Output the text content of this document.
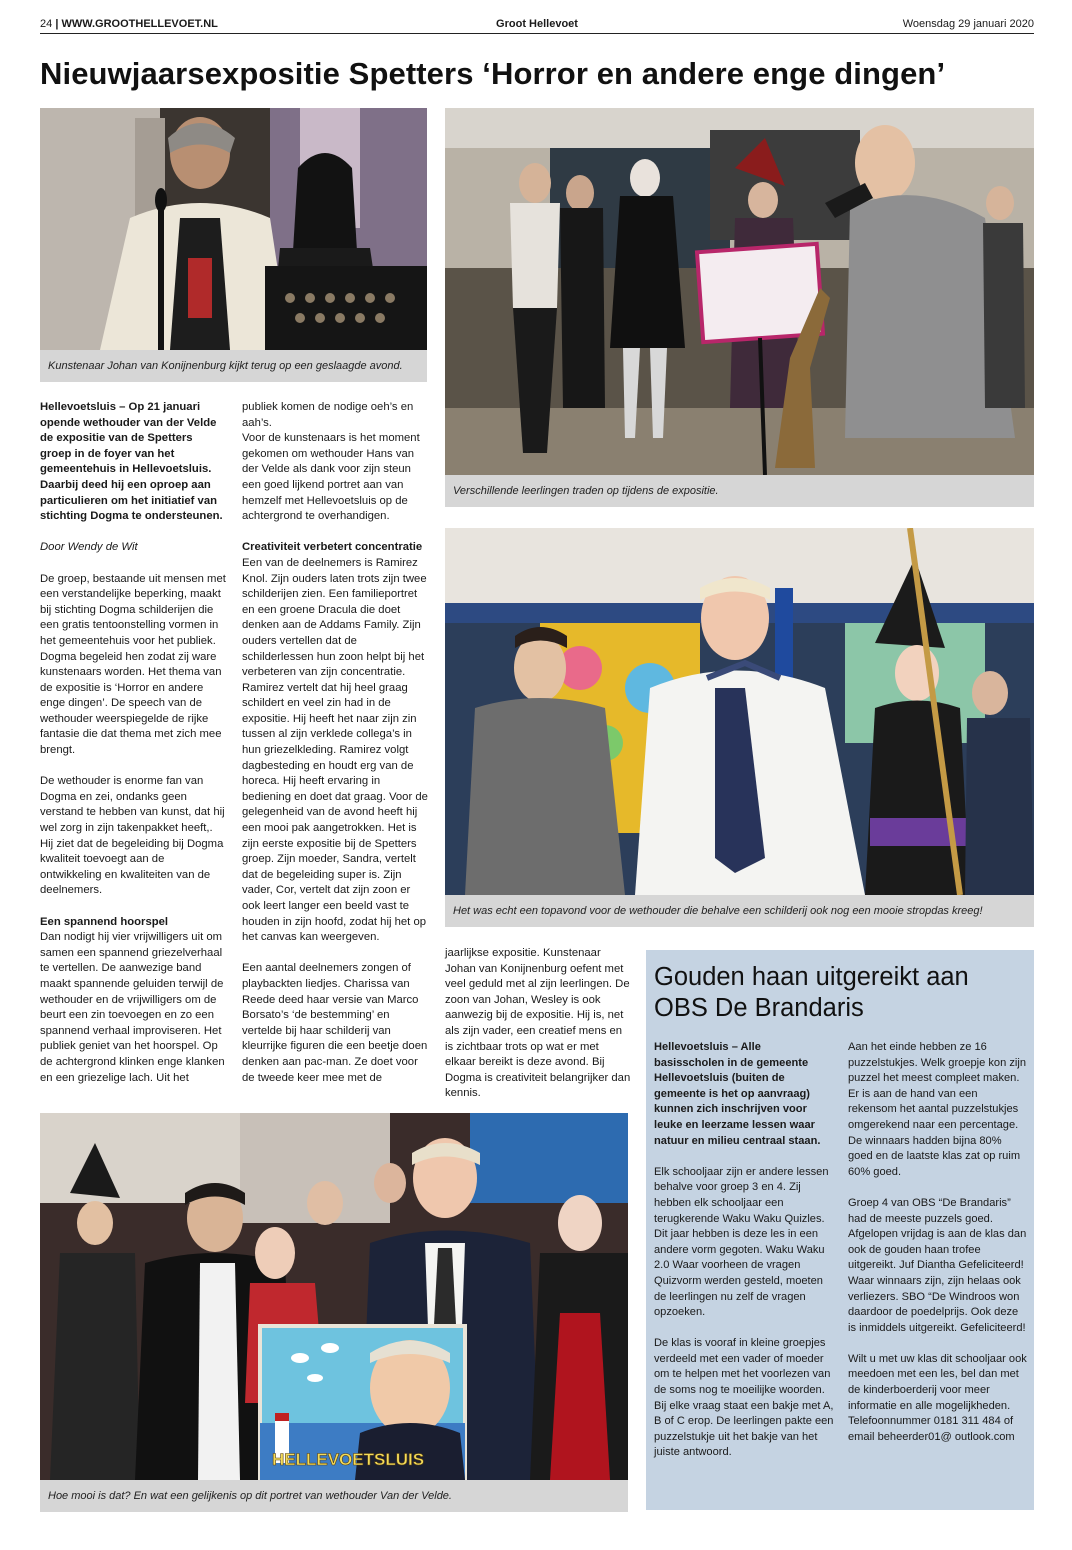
24 | WWW.GROOTHELLEVOET.NL	Groot Hellevoet	Woensdag 29 januari 2020
Nieuwjaarsexpositie Spetters ‘Horror en andere enge dingen’
Kunstenaar Johan van Konijnenburg kijkt terug op een geslaagde avond.
Verschillende leerlingen traden op tijdens de expositie.
Het was echt een topavond voor de wethouder die behalve een schilderij ook nog een mooie stropdas kreeg!
HELLEVOETSLUIS
Hoe mooi is dat? En wat een gelijkenis op dit portret van wethouder Van der Velde.

Hellevoetsluis – Op 21 januari opende wethouder van der Velde de expositie van de Spetters groep in de foyer van het gemeentehuis in Hellevoetsluis. Daarbij deed hij een oproep aan particulieren om het initiatief van stichting Dogma te ondersteunen.

Door Wendy de Wit

De groep, bestaande uit mensen met een verstandelijke beperking, maakt bij stichting Dogma schilderijen die een gratis tentoonstelling vormen in het gemeentehuis voor het publiek. Dogma begeleid hen zodat zij ware kunstenaars worden. Het thema van de expositie is ‘Horror en andere enge dingen’. De speech van de wethouder weerspiegelde de rijke fantasie die dat thema met zich mee brengt.

De wethouder is enorme fan van Dogma en zei, ondanks geen verstand te hebben van kunst, dat hij wel zorg in zijn takenpakket heeft,. Hij ziet dat de begeleiding bij Dogma kwaliteit toevoegt aan de ontwikkeling en kwaliteiten van de deelnemers.

Een spannend hoorspel
Dan nodigt hij vier vrijwilligers uit om samen een spannend griezelverhaal te vertellen. De aanwezige band maakt spannende geluiden terwijl de wethouder en de vrijwilligers om de beurt een zin toevoegen en zo een spannend verhaal improviseren. Het publiek geniet van het hoorspel. Op de achtergrond klinken enge klanken en een griezelige lach. Uit het

publiek komen de nodige oeh’s en aah’s.
Voor de kunstenaars is het moment gekomen om wethouder Hans van der Velde als dank voor zijn steun een goed lijkend portret aan van hemzelf met Hellevoetsluis op de achtergrond te overhandigen.

Creativiteit verbetert concentratie
Een van de deelnemers is Ramirez Knol. Zijn ouders laten trots zijn twee schilderijen zien. Een familieportret en een groene Dracula die doet denken aan de Addams Family. Zijn ouders vertellen dat de schilderlessen hun zoon helpt bij het verbeteren van zijn concentratie. Ramirez vertelt dat hij heel graag schildert en veel zin had in de expositie. Hij heeft het naar zijn zin tussen al zijn verklede collega’s in hun griezelkleding. Ramirez volgt dagbesteding en houdt erg van de horeca. Hij heeft ervaring in bediening en doet dat graag. Voor de gelegenheid van de avond heeft hij een mooi pak aangetrokken. Het is zijn eerste expositie bij de Spetters groep. Zijn moeder, Sandra, vertelt dat de begeleiding super is. Zijn vader, Cor, vertelt dat zijn zoon er ook leert langer een beeld vast te houden in zijn hoofd, zodat hij het op het canvas kan weergeven.

Een aantal deelnemers zongen of playbackten liedjes. Charissa van Reede deed haar versie van Marco Borsato’s ‘de bestemming’ en vertelde bij haar schilderij van kleurrijke figuren die een beetje doen denken aan pac-man. Ze doet voor de tweede keer mee met de

jaarlijkse expositie. Kunstenaar Johan van Konijnenburg oefent met veel geduld met al zijn leerlingen. De zoon van Johan, Wesley is ook aanwezig bij de expositie. Hij is, net als zijn vader, een creatief mens en is zichtbaar trots op wat er met elkaar bereikt is deze avond. Bij Dogma is creativiteit belangrijker dan kennis.

Gouden haan uitgereikt aan OBS De Brandaris

Hellevoetsluis – Alle basisscholen in de gemeente Hellevoetsluis (buiten de gemeente is het op aanvraag) kunnen zich inschrijven voor leuke en leerzame lessen waar natuur en milieu centraal staan.

Elk schooljaar zijn er andere lessen behalve voor groep 3 en 4. Zij hebben elk schooljaar een terugkerende Waku Waku Quizles. Dit jaar hebben is deze les in een andere vorm gegoten. Waku Waku 2.0 Waar voorheen de vragen Quizvorm werden gesteld, moeten de leerlingen nu zelf de vragen opzoeken.

De klas is vooraf in kleine groepjes verdeeld met een vader of moeder om te helpen met het voorlezen van de soms nog te moeilijke woorden. Bij elke vraag staat een bakje met A, B of C erop. De leerlingen pakte een puzzelstukje uit het bakje van het juiste antwoord.

Aan het einde hebben ze 16 puzzelstukjes. Welk groepje kon zijn puzzel het meest compleet maken. Er is aan de hand van een rekensom het aantal puzzelstukjes omgerekend naar een percentage. De winnaars hadden bijna 80% goed en de laatste klas zat op ruim 60% goed.

Groep 4 van OBS “De Brandaris” had de meeste puzzels goed. Afgelopen vrijdag is aan de klas dan ook de gouden haan trofee uitgereikt. Juf Diantha Gefeliciteerd! Waar winnaars zijn, zijn helaas ook verliezers. SBO “De Windroos won daardoor de poedelprijs. Ook deze is inmiddels uitgereikt. Gefeliciteerd!

Wilt u met uw klas dit schooljaar ook meedoen met een les, bel dan met de kinderboerderij voor meer informatie en alle mogelijkheden. Telefoonnummer 0181 311 484 of email beheerder01@ outlook.com
